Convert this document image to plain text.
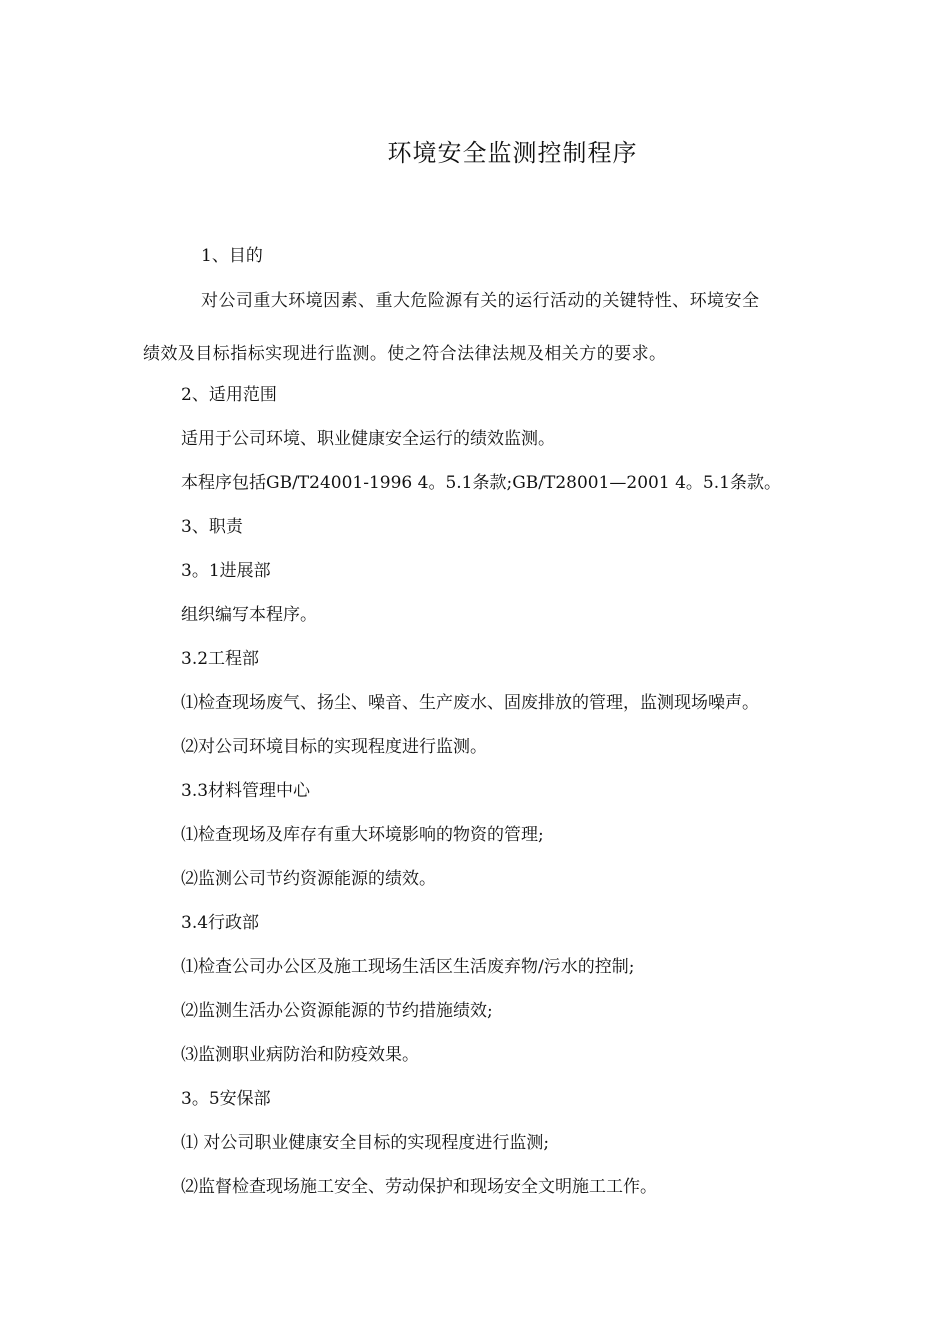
环境安全监测控制程序
1、目的
对公司重大环境因素、重大危险源有关的运行活动的关键特性、环境安全
绩效及目标指标实现进行监测。使之符合法律法规及相关方的要求。
2、适用范围
适用于公司环境、职业健康安全运行的绩效监测。
本程序包括GB/T24001-1996 4。5.1条款;GB/T28001—2001 4。5.1条款。
3、职责
3。1进展部
组织编写本程序。
3.2工程部
⑴检查现场废气、扬尘、噪音、生产废水、固废排放的管理，监测现场噪声。
⑵对公司环境目标的实现程度进行监测。
3.3材料管理中心
⑴检查现场及库存有重大环境影响的物资的管理;
⑵监测公司节约资源能源的绩效。
3.4行政部
⑴检查公司办公区及施工现场生活区生活废弃物/污水的控制;
⑵监测生活办公资源能源的节约措施绩效;
⑶监测职业病防治和防疫效果。
3。5安保部
⑴ 对公司职业健康安全目标的实现程度进行监测;
⑵监督检查现场施工安全、劳动保护和现场安全文明施工工作。
